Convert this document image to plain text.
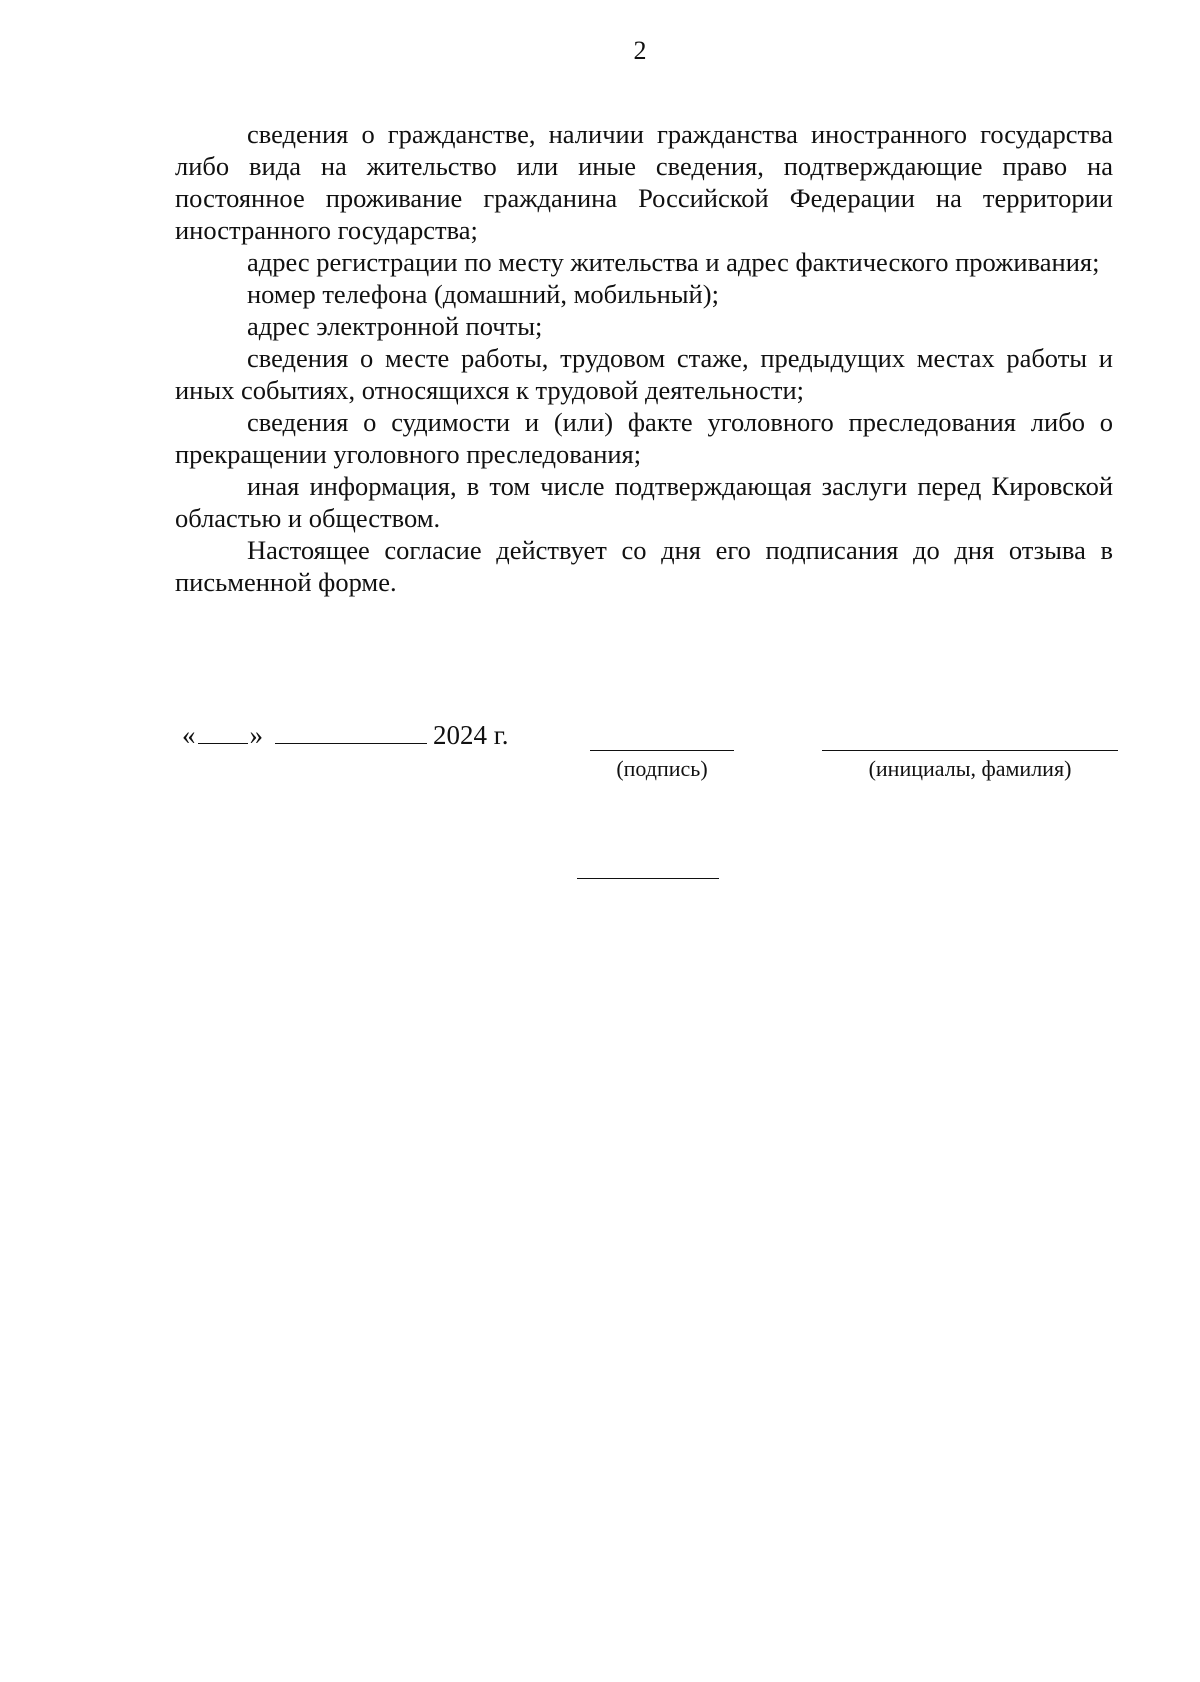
2

сведения о гражданстве, наличии гражданства иностранного государства либо вида на жительство или иные сведения, подтверждающие право на постоянное проживание гражданина Российской Федерации на территории иностранного государства;

адрес регистрации по месту жительства и адрес фактического проживания;

номер телефона (домашний, мобильный);

адрес электронной почты;

сведения о месте работы, трудовом стаже, предыдущих местах работы и иных событиях, относящихся к трудовой деятельности;

сведения о судимости и (или) факте уголовного преследования либо о прекращении уголовного преследования;

иная информация, в том числе подтверждающая заслуги перед Кировской областью и обществом.

Настоящее согласие действует со дня его подписания до дня отзыва в письменной форме.

« »	2024 г.
(подпись)	(инициалы, фамилия)
